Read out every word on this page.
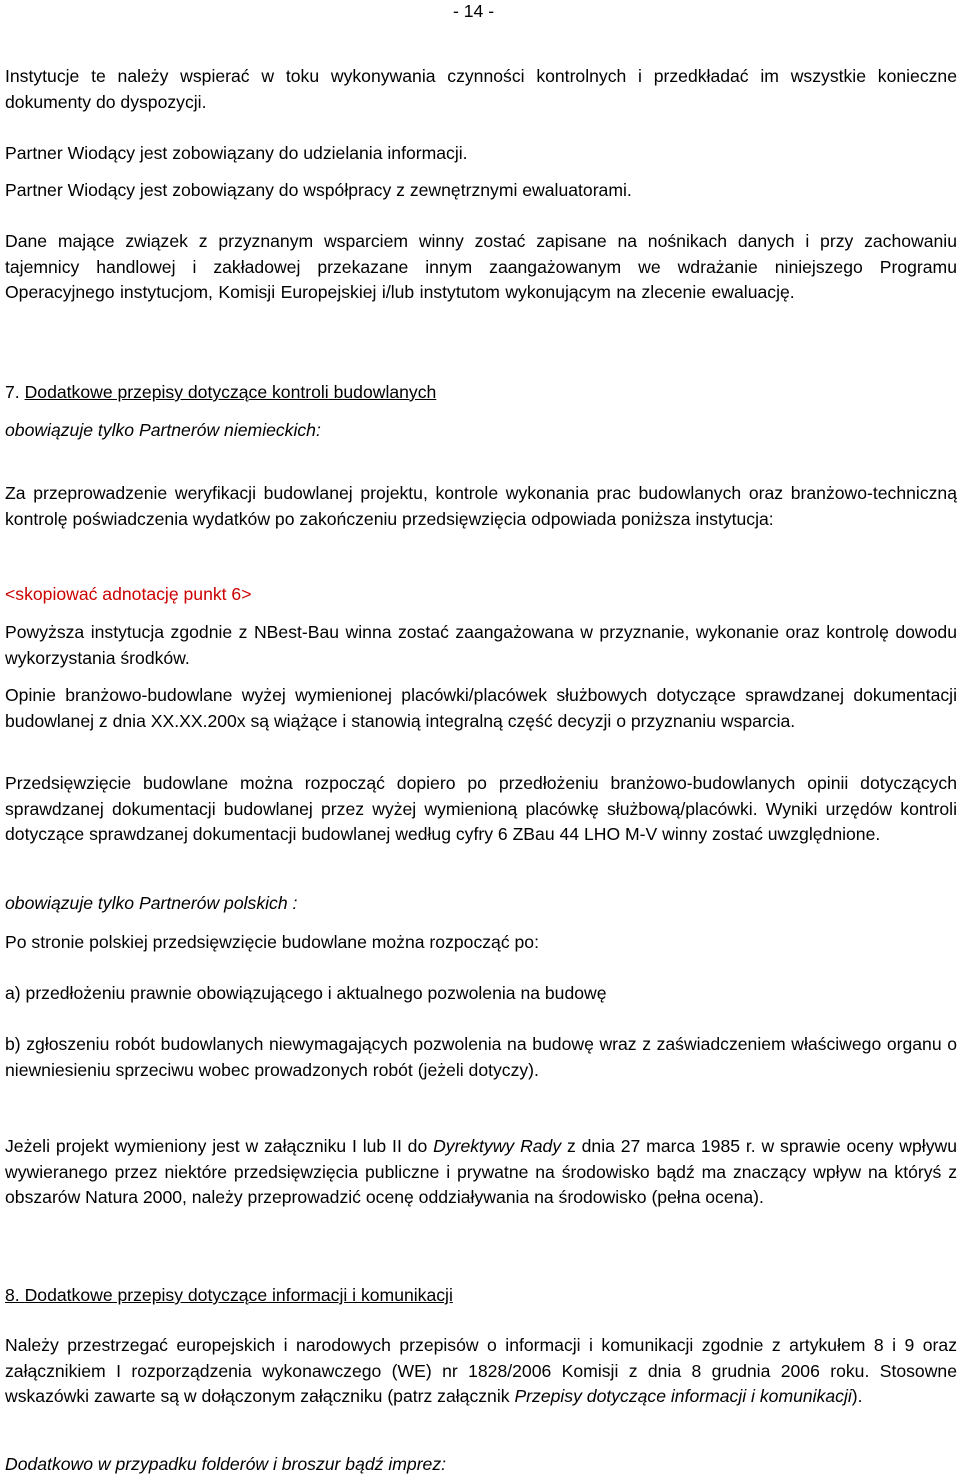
- 14 -
Instytucje te należy wspierać w toku wykonywania czynności kontrolnych i przedkładać im wszystkie konieczne dokumenty do dyspozycji.
Partner Wiodący jest zobowiązany do udzielania informacji.
Partner Wiodący jest zobowiązany do współpracy z zewnętrznymi ewaluatorami.
Dane mające związek z przyznanym wsparciem winny zostać zapisane na nośnikach danych i przy zachowaniu tajemnicy handlowej i zakładowej przekazane innym zaangażowanym we wdrażanie niniejszego Programu Operacyjnego instytucjom, Komisji Europejskiej i/lub instytutom wykonującym na zlecenie ewaluację.
7. Dodatkowe przepisy dotyczące kontroli budowlanych
obowiązuje tylko Partnerów niemieckich:
Za przeprowadzenie weryfikacji budowlanej projektu, kontrole wykonania prac budowlanych oraz branżowo-techniczną kontrolę poświadczenia wydatków po zakończeniu przedsięwzięcia odpowiada poniższa instytucja:
<skopiować adnotację punkt 6>
Powyższa instytucja zgodnie z NBest-Bau winna zostać zaangażowana w przyznanie, wykonanie oraz kontrolę dowodu wykorzystania środków.
Opinie branżowo-budowlane wyżej wymienionej placówki/placówek służbowych dotyczące sprawdzanej dokumentacji budowlanej z dnia XX.XX.200x są wiążące i stanowią integralną część decyzji o przyznaniu wsparcia.
Przedsięwzięcie budowlane można rozpocząć dopiero po przedłożeniu branżowo-budowlanych opinii dotyczących sprawdzanej dokumentacji budowlanej przez wyżej wymienioną placówkę służbową/placówki. Wyniki urzędów kontroli dotyczące sprawdzanej dokumentacji budowlanej według cyfry 6 ZBau 44 LHO M-V winny zostać uwzględnione.
obowiązuje tylko Partnerów polskich :
Po stronie polskiej przedsięwzięcie budowlane można rozpocząć po:
a) przedłożeniu prawnie obowiązującego i aktualnego pozwolenia na budowę
b) zgłoszeniu robót budowlanych niewymagających pozwolenia na budowę wraz z zaświadczeniem właściwego organu o niewniesieniu sprzeciwu wobec prowadzonych robót (jeżeli dotyczy).
Jeżeli projekt wymieniony jest w załączniku I lub II do Dyrektywy Rady z dnia 27 marca 1985 r. w sprawie oceny wpływu wywieranego przez niektóre przedsięwzięcia publiczne i prywatne na środowisko bądź ma znaczący wpływ na któryś z obszarów Natura 2000, należy przeprowadzić ocenę oddziaływania na środowisko (pełna ocena).
8. Dodatkowe przepisy dotyczące informacji i komunikacji
Należy przestrzegać europejskich i narodowych przepisów o informacji i komunikacji zgodnie z artykułem 8 i 9 oraz załącznikiem I rozporządzenia wykonawczego (WE) nr 1828/2006 Komisji z dnia 8 grudnia 2006 roku. Stosowne wskazówki zawarte są w dołączonym załączniku (patrz załącznik Przepisy dotyczące informacji i komunikacji).
Dodatkowo w przypadku folderów i broszur bądź imprez:
